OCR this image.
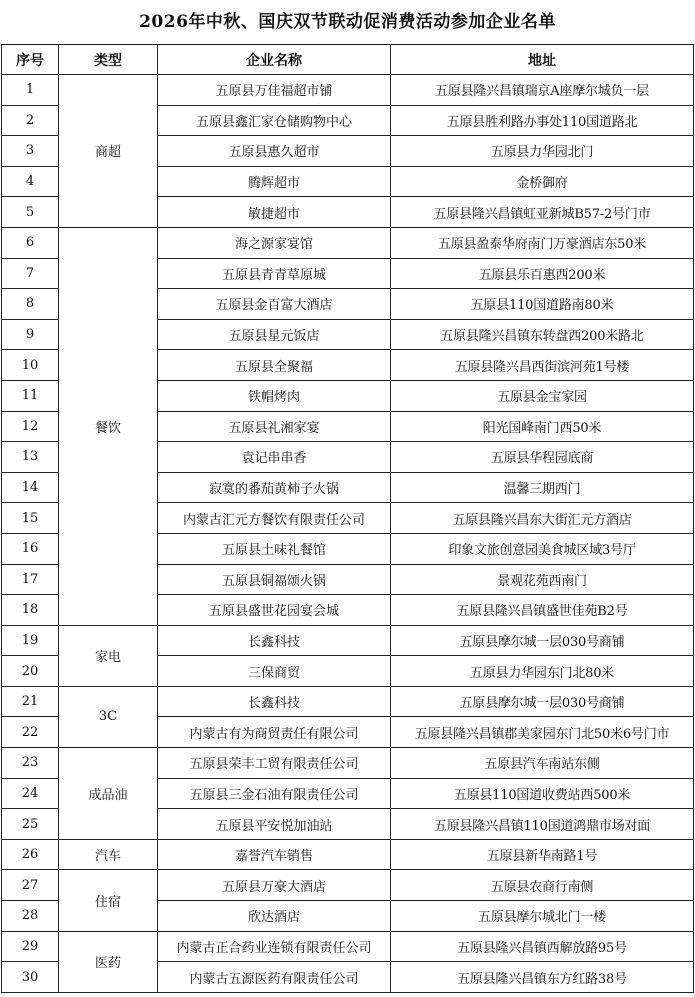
2026年中秋、国庆双节联动促消费活动参加企业名单
序号	类型	企业名称	地址
1	商超	五原县万佳福超市铺	五原县隆兴昌镇瑞京A座摩尔城负一层
2		五原县鑫汇家仓储购物中心	五原县胜利路办事处110国道路北
3		五原县惠久超市	五原县力华园北门
4		腾辉超市	金桥御府
5		敏捷超市	五原县隆兴昌镇虹亚新城B57-2号门市
6	餐饮	海之源家宴馆	五原县盈泰华府南门万豪酒店东50米
7		五原县青青草原城	五原县乐百惠西200米
8		五原县金百富大酒店	五原县110国道路南80米
9		五原县星元饭店	五原县隆兴昌镇东转盘西200米路北
10		五原县全聚福	五原县隆兴昌西街滨河苑1号楼
11		铁帽烤肉	五原县金宝家园
12		五原县礼湘家宴	阳光国峰南门西50米
13		袁记串串香	五原县华程园底商
14		寂寞的番茄黄柿子火锅	温馨三期西门
15		内蒙古汇元方餐饮有限责任公司	五原县隆兴昌东大街汇元方酒店
16		五原县土味礼餐馆	印象文旅创意园美食城区域3号厅
17		五原县铜福颂火锅	景观花苑西南门
18		五原县盛世花园宴会城	五原县隆兴昌镇盛世佳苑B2号
19	家电	长鑫科技	五原县摩尔城一层030号商铺
20		三保商贸	五原县力华园东门北80米
21	3C	长鑫科技	五原县摩尔城一层030号商铺
22		内蒙古有为商贸责任有限公司	五原县隆兴昌镇郡美家园东门北50米6号门市
23	成品油	五原县荣丰工贸有限责任公司	五原县汽车南站东侧
24		五原县三金石油有限责任公司	五原县110国道收费站西500米
25		五原县平安悦加油站	五原县隆兴昌镇110国道鸿鼎市场对面
26	汽车	嘉誉汽车销售	五原县新华南路1号
27	住宿	五原县万豪大酒店	五原县农商行南侧
28		欣达酒店	五原县摩尔城北门一楼
29	医药	内蒙古正合药业连锁有限责任公司	五原县隆兴昌镇西解放路95号
30		内蒙古五源医药有限责任公司	五原县隆兴昌镇东方红路38号
